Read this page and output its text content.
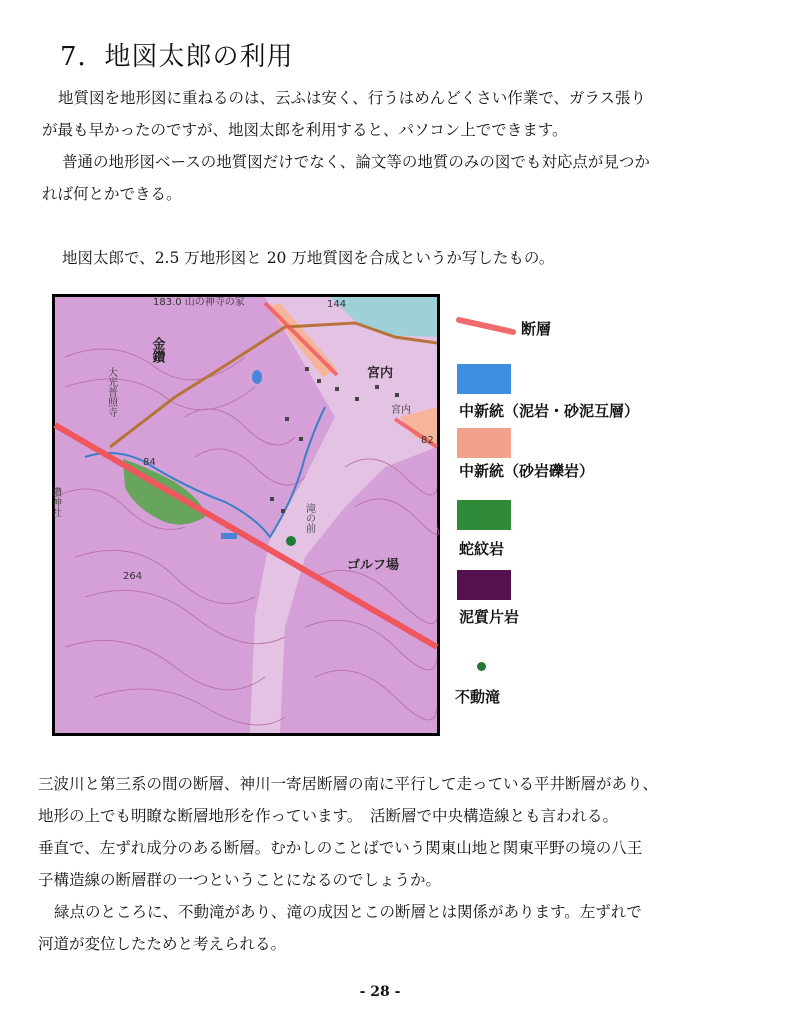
7．地図太郎の利用
地質図を地形図に重ねるのは、云ふは安く、行うはめんどくさい作業で、ガラス張り
が最も早かったのですが、地図太郎を利用すると、パソコン上でできます。
普通の地形図ベースの地質図だけでなく、論文等の地質のみの図でも対応点が見つか
れば何とかできる。

地図太郎で、2.5 万地形図と 20 万地質図を合成というか写したもの。

183.0 山の神寺の家	144
金鑽
大光普照寺
鑽神社
宮内
宮内
滝の前
ゴルフ場
264
84
82
断層
中新統（泥岩・砂泥互層）
中新統（砂岩礫岩）
蛇紋岩
泥質片岩
不動滝
三波川と第三系の間の断層、神川一寄居断層の南に平行して走っている平井断層があり、
地形の上でも明瞭な断層地形を作っています。　活断層で中央構造線とも言われる。
垂直で、左ずれ成分のある断層。むかしのことばでいう関東山地と関東平野の境の八王
子構造線の断層群の一つということになるのでしょうか。
緑点のところに、不動滝があり、滝の成因とこの断層とは関係があります。左ずれで
河道が変位したためと考えられる。
- 28 -
